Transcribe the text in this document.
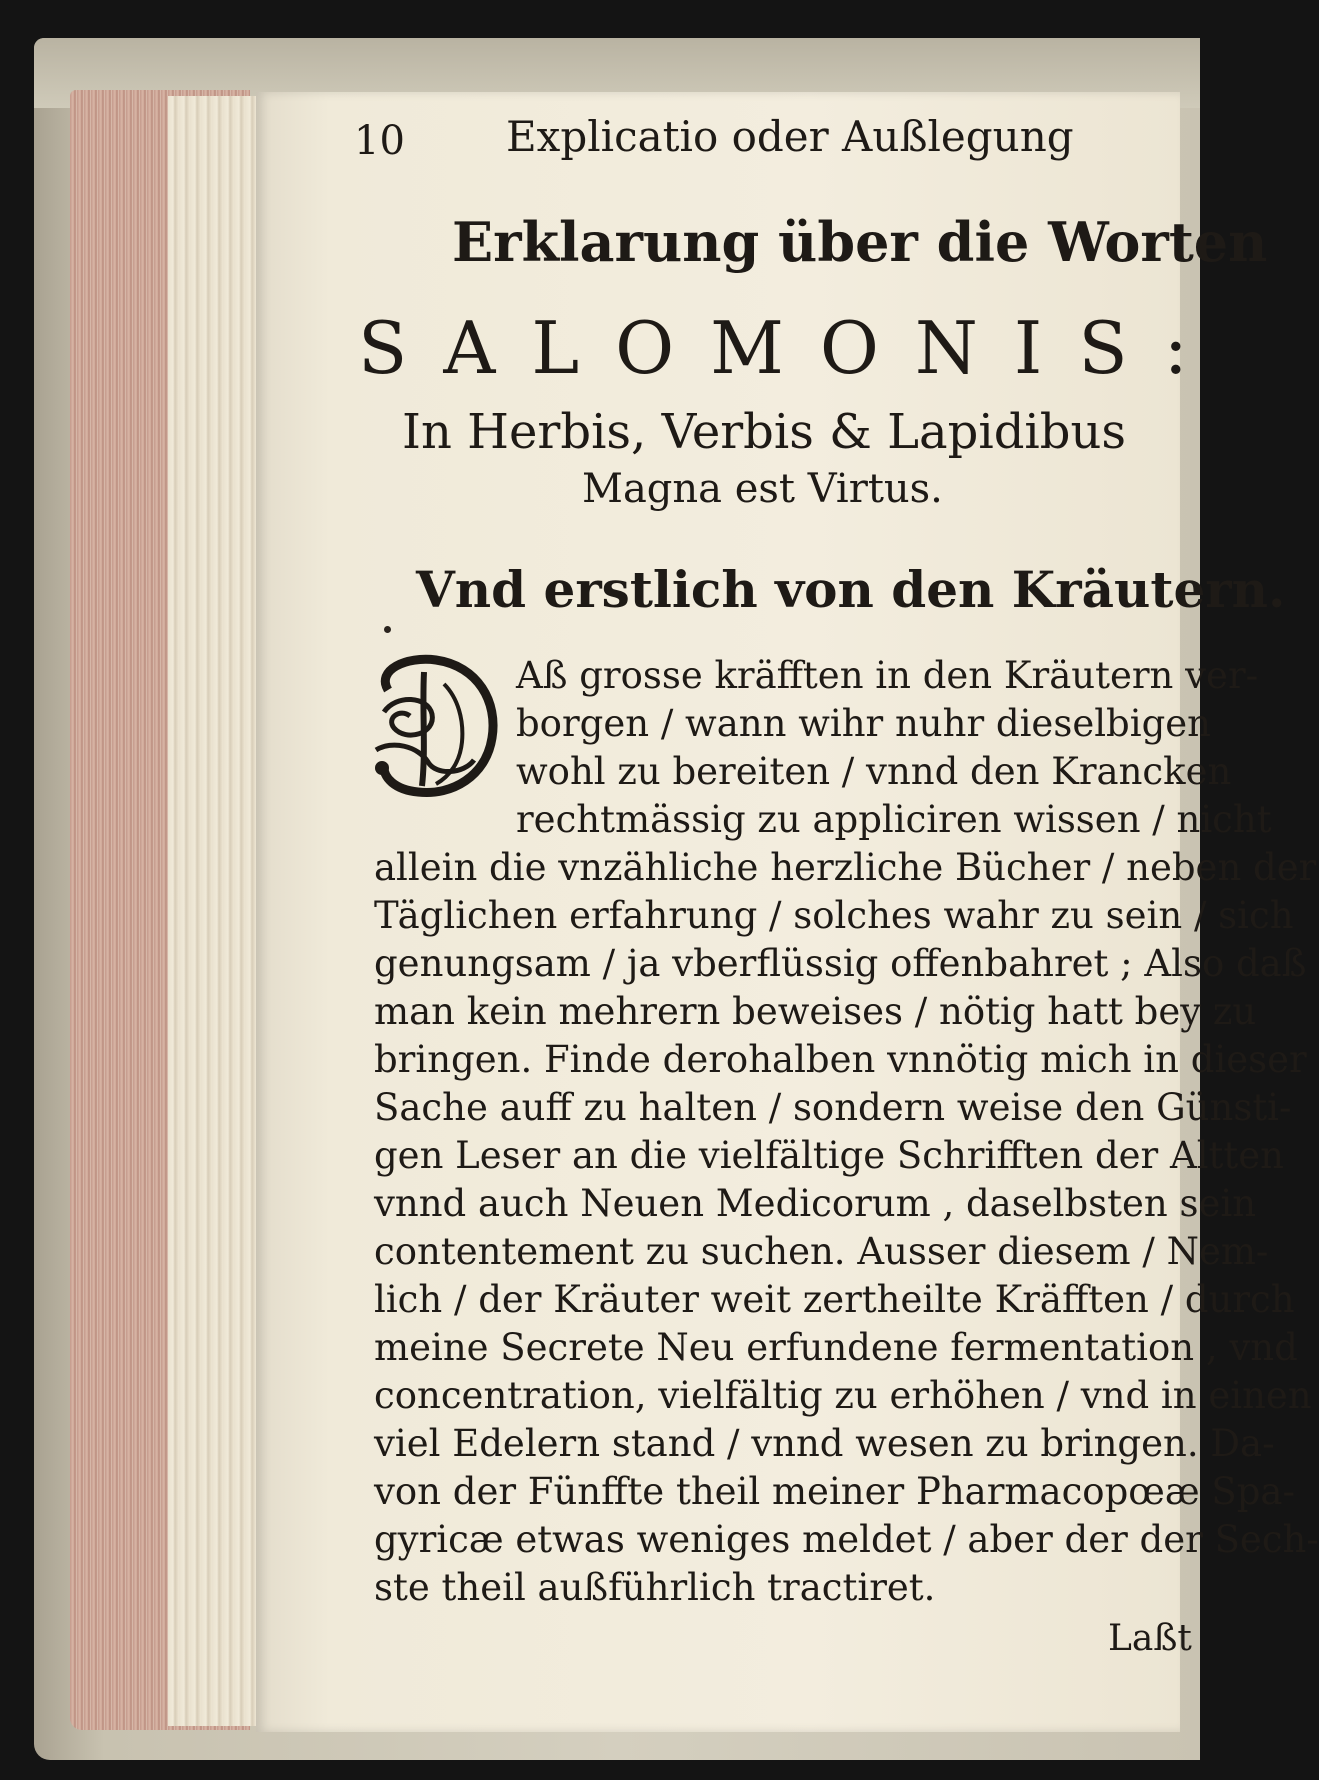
10 Explicatio oder Außlegung
Erklarung über die Worten
SALOMONIS:
In Herbis, Verbis & Lapidibus
Magna est Virtus.
Vnd erstlich von den Kräutern.
Aß grosse kräfften in den Kräutern ver-
borgen / wann wihr nuhr dieselbigen
wohl zu bereiten / vnnd den Krancken
rechtmässig zu appliciren wissen / nicht
allein die vnzähliche herzliche Bücher / neben der
Täglichen erfahrung / solches wahr zu sein / sich
genungsam / ja vberflüssig offenbahret ; Also daß
man kein mehrern beweises / nötig hatt bey zu
bringen. Finde derohalben vnnötig mich in dieser
Sache auff zu halten / sondern weise den Günsti-
gen Leser an die vielfältige Schrifften der Altten
vnnd auch Neuen Medicorum , daselbsten sein
contentement zu suchen. Ausser diesem / Nem-
lich / der Kräuter weit zertheilte Kräfften / durch
meine Secrete Neu erfundene fermentation , vnd
concentration, vielfältig zu erhöhen / vnd in einen
viel Edelern stand / vnnd wesen zu bringen. Da-
von der Fünffte theil meiner Pharmacopœæ Spa-
gyricæ etwas weniges meldet / aber der der Sech-
ste theil außführlich tractiret.
Laßt
